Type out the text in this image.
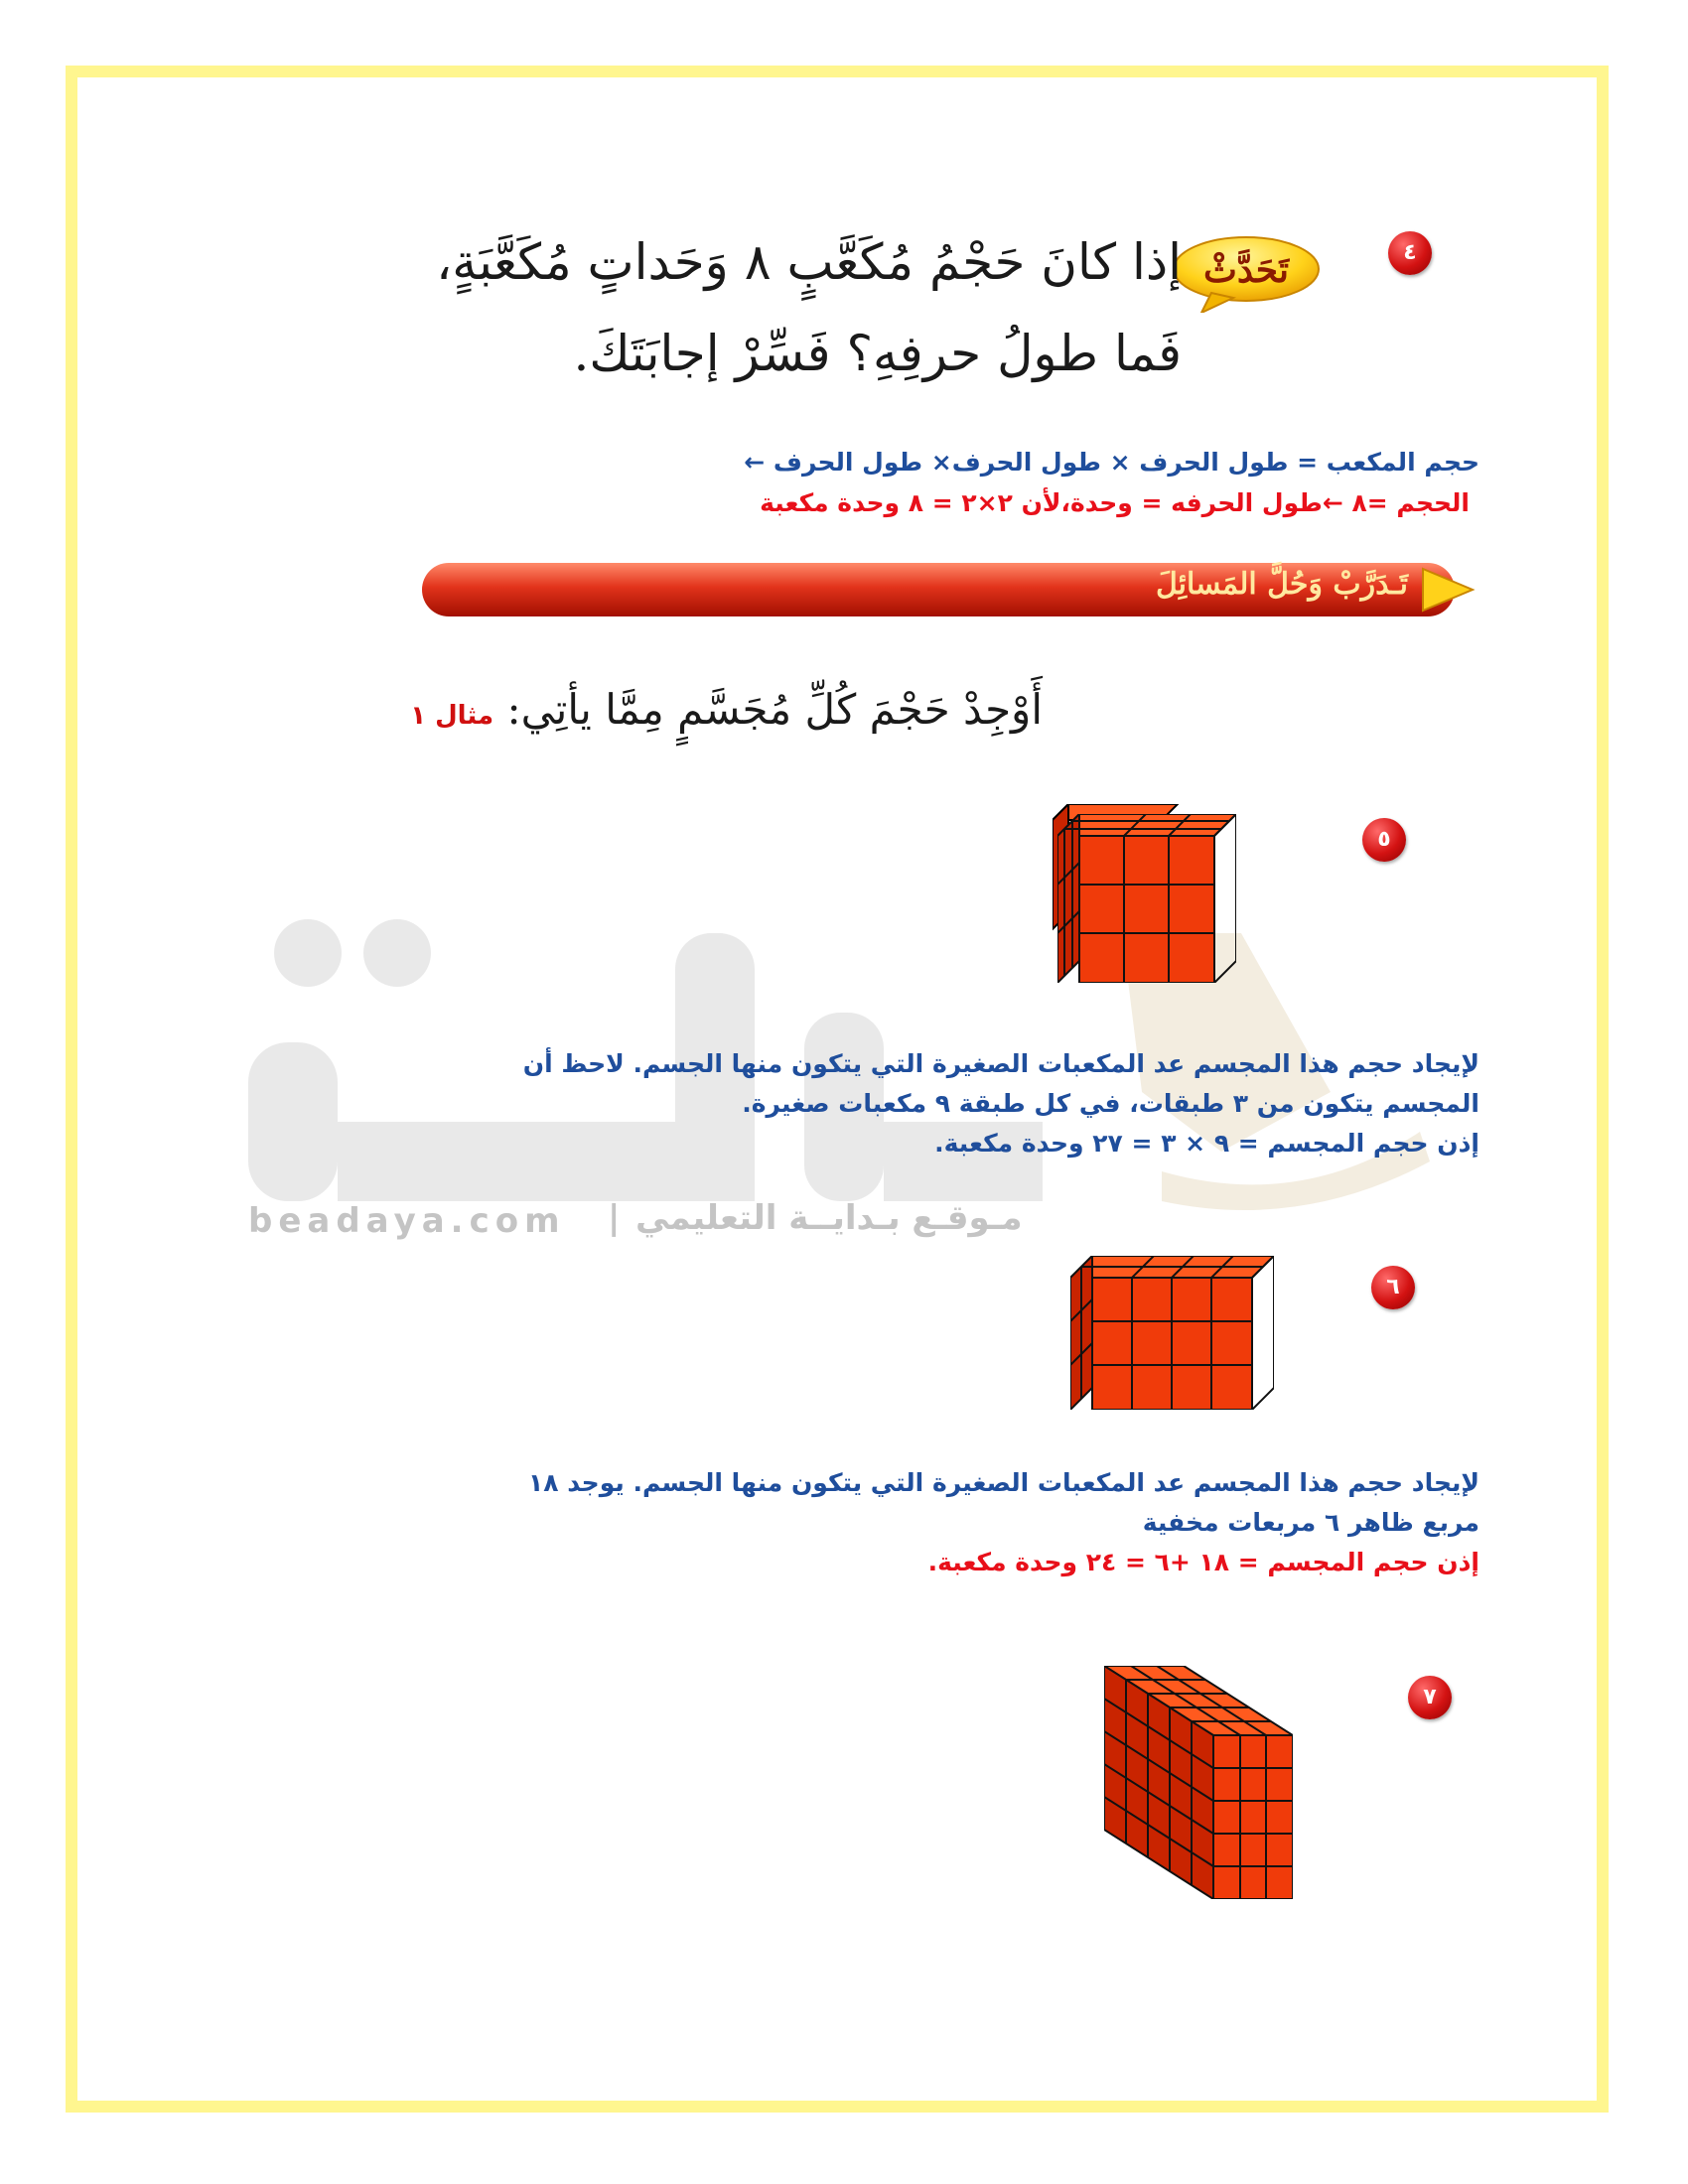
beadaya.com | مـوقـع بـدايــة التعليمي
٤
تَحَدَّثْ
إذا كانَ حَجْمُ مُكَعَّبٍ ٨ وَحَداتٍ مُكَعَّبَةٍ،
فَما طولُ حرفِهِ؟ فَسِّرْ إجابَتَكَ.
حجم المكعب = طول الحرف × طول الحرف× طول الحرف ←
الحجم =٨ ←طول الحرفه = وحدة،لأن ٢×٢ = ٨ وحدة مكعبة
تَـدَرَّبْ وَحُلَّ المَسائِلَ
أَوْجِدْ حَجْمَ كُلِّ مُجَسَّمٍ مِمَّا يأتِي: مثال ١
٥
لإيجاد حجم هذا المجسم عد المكعبات الصغيرة التي يتكون منها الجسم. لاحظ أن
المجسم يتكون من ٣ طبقات، في كل طبقة ٩ مكعبات صغيرة.
إذن حجم المجسم = ٩ × ٣ = ٢٧ وحدة مكعبة.
٦
لإيجاد حجم هذا المجسم عد المكعبات الصغيرة التي يتكون منها الجسم. يوجد ١٨
مربع ظاهر ٦ مربعات مخفية
إذن حجم المجسم = ١٨ +٦ = ٢٤ وحدة مكعبة.
٧
